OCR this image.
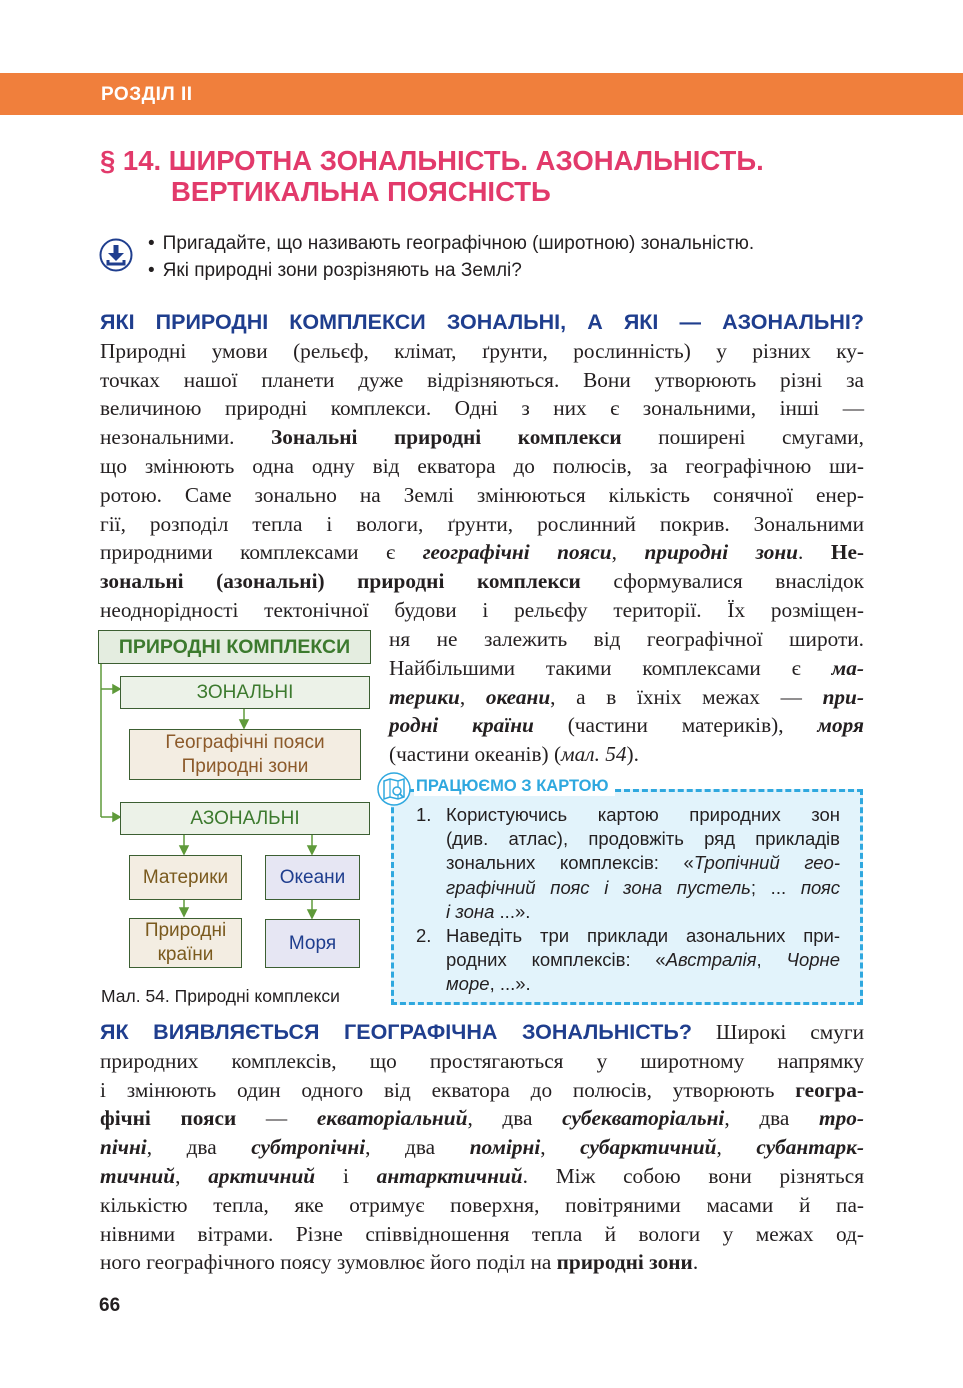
РОЗДІЛ II
§ 14. ШИРОТНА ЗОНАЛЬНІСТЬ. АЗОНАЛЬНІСТЬ.
ВЕРТИКАЛЬНА ПОЯСНІСТЬ
• Пригадайте, що називають географічною (широтною) зональністю.
• Які природні зони розрізняють на Землі?
ЯКІ ПРИРОДНІ КОМПЛЕКСИ ЗОНАЛЬНІ, А ЯКІ — АЗОНАЛЬНІ?
Природні умови (рельєф, клімат, ґрунти, рослинність) у різних ку-
точках нашої планети дуже відрізняються. Вони утворюють різні за
величиною природні комплекси. Одні з них є зональними, інші —
незональними. Зональні природні комплекси поширені смугами,
що змінюють одна одну від екватора до полюсів, за географічною ши-
ротою. Саме зонально на Землі змінюються кількість сонячної енер-
гії, розподіл тепла і вологи, ґрунти, рослинний покрив. Зональними
природними комплексами є географічні пояси, природні зони. Не-
зональні (азональні) природні комплекси сформувалися внаслідок
неоднорідності тектонічної будови і рельєфу території. Їх розміщен-
ня не залежить від географічної широти.
Найбільшими такими комплексами є ма-
терики, океани, а в їхніх межах — при-
родні країни (частини материків), моря
(частини океанів) (мал. 54).
ПРИРОДНІ КОМПЛЕКСИ
ЗОНАЛЬНІ
Географічні пояси
Природні зони
АЗОНАЛЬНІ
Материки	Океани
Природні
країни
Моря
Мал. 54. Природні комплекси
ПРАЦЮЄМО З КАРТОЮ
1. Користуючись картою природних зон
(див. атлас), продовжіть ряд прикладів
зональних комплексів: «Тропічний гео-
графічний пояс і зона пустель; ... пояс
і зона ...».
2. Наведіть три приклади азональних при-
родних комплексів: «Австралія, Чорне
море, ...».
ЯК ВИЯВЛЯЄТЬСЯ ГЕОГРАФІЧНА ЗОНАЛЬНІСТЬ? Широкі смуги
природних комплексів, що простягаються у широтному напрямку
і змінюють один одного від екватора до полюсів, утворюють геогра-
фічні пояси — екваторіальний, два субекваторіальні, два тро-
пічні, два субтропічні, два помірні, субарктичний, субантарк-
тичний, арктичний і антарктичний. Між собою вони різняться
кількістю тепла, яке отримує поверхня, повітряними масами й па-
нівними вітрами. Різне співвідношення тепла й вологи у межах од-
ного географічного поясу зумовлює його поділ на природні зони.
66
